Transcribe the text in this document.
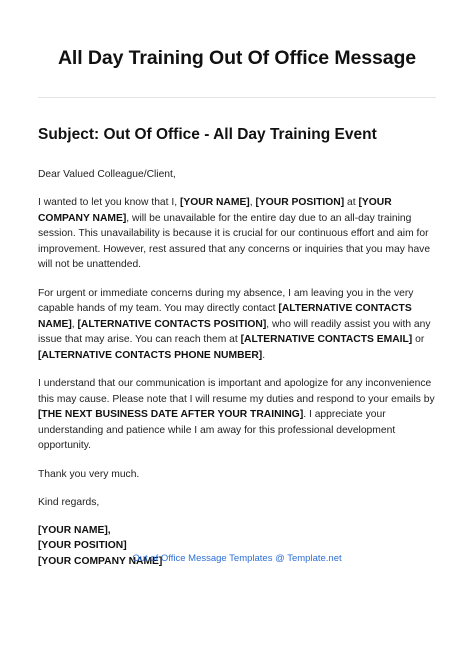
All Day Training Out Of Office Message
Subject: Out Of Office - All Day Training Event

Dear Valued Colleague/Client,

I wanted to let you know that I, [YOUR NAME], [YOUR POSITION] at [YOUR COMPANY NAME], will be unavailable for the entire day due to an all-day training session. This unavailability is because it is crucial for our continuous effort and aim for improvement. However, rest assured that any concerns or inquiries that you may have will not be unattended.

For urgent or immediate concerns during my absence, I am leaving you in the very capable hands of my team. You may directly contact [ALTERNATIVE CONTACTS NAME], [ALTERNATIVE CONTACTS POSITION], who will readily assist you with any issue that may arise. You can reach them at [ALTERNATIVE CONTACTS EMAIL] or [ALTERNATIVE CONTACTS PHONE NUMBER].

I understand that our communication is important and apologize for any inconvenience this may cause. Please note that I will resume my duties and respond to your emails by [THE NEXT BUSINESS DATE AFTER YOUR TRAINING]. I appreciate your understanding and patience while I am away for this professional development opportunity.

Thank you very much.

Kind regards,

[YOUR NAME],
[YOUR POSITION]
[YOUR COMPANY NAME]
Out of Office Message Templates @ Template.net
